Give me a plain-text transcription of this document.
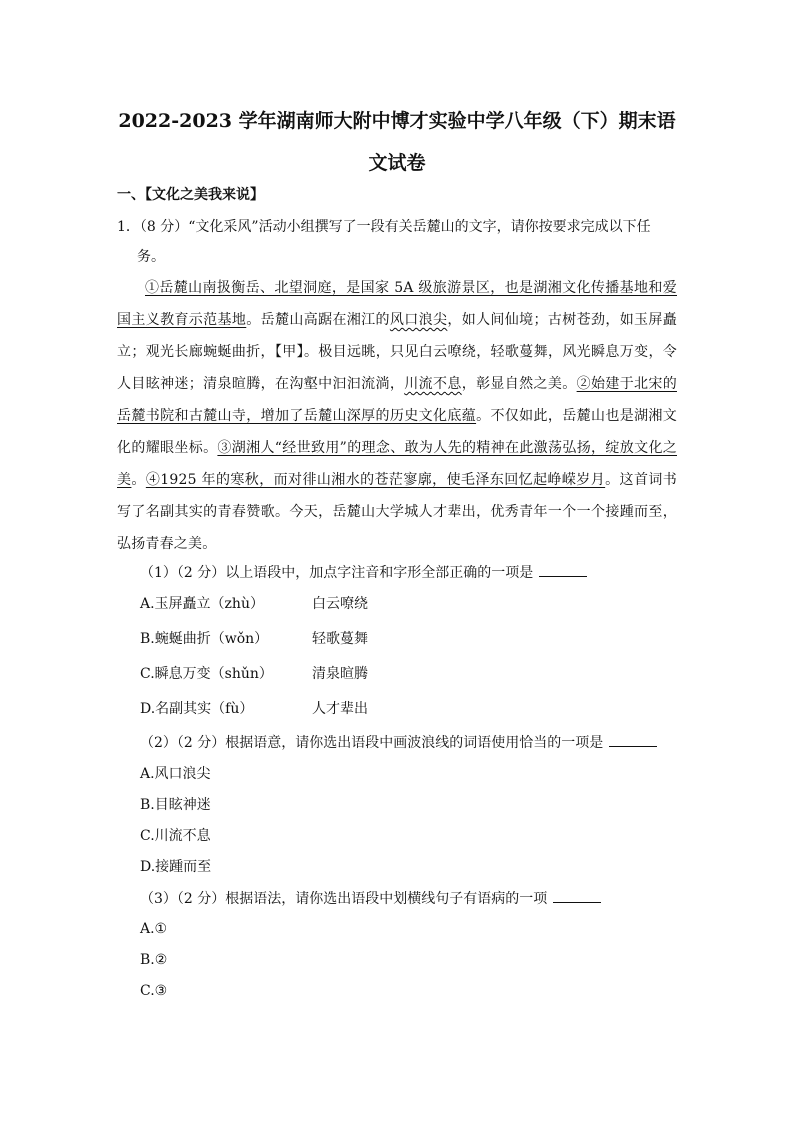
2022-2023 学年湖南师大附中博才实验中学八年级（下）期末语
文试卷
一、【文化之美我来说】
1．（8 分）“文化采风”活动小组撰写了一段有关岳麓山的文字，请你按要求完成以下任
务。
①岳麓山南扱衡岳、北望洞庭，是国家 5A 级旅游景区，也是湖湘文化传播基地和爱国主义教育示范基地。岳麓山高踞在湘江的风口浪尖，如人间仙境；古树苍劲，如玉屏矗立；观光长廊蜿蜒曲折，【甲】。极目远眺，只见白云嘹绕，轻歌蔓舞，风光瞬息万变，令人目眩神迷；清泉暄腾，在沟壑中汩汩流淌，川流不息，彰显自然之美。②始建于北宋的岳麓书院和古麓山寺，增加了岳麓山深厚的历史文化底蕴。不仅如此，岳麓山也是湖湘文化的耀眼坐标。③湖湘人“经世致用”的理念、敢为人先的精神在此激荡弘扬，绽放文化之美。④1925 年的寒秋，而对徘山湘水的苍茫寥廓，使毛泽东回忆起峥嵘岁月。这首词书写了名副其实的青春赞歌。今天，岳麓山大学城人才辈出，优秀青年一个一个接踵而至，弘扬青春之美。
（1）（2 分）以上语段中，加点字注音和字形全部正确的一项是
A.玉屏矗立（zhù）	白云嘹绕
B.蜿蜒曲折（wǒn）	轻歌蔓舞
C.瞬息万变（shǔn）	清泉暄腾
D.名副其实（fù）	人才辈出
（2）（2 分）根据语意，请你选出语段中画波浪线的词语使用恰当的一项是
A.风口浪尖
B.目眩神迷
C.川流不息
D.接踵而至
（3）（2 分）根据语法，请你选出语段中划横线句子有语病的一项
A.①
B.②
C.③
